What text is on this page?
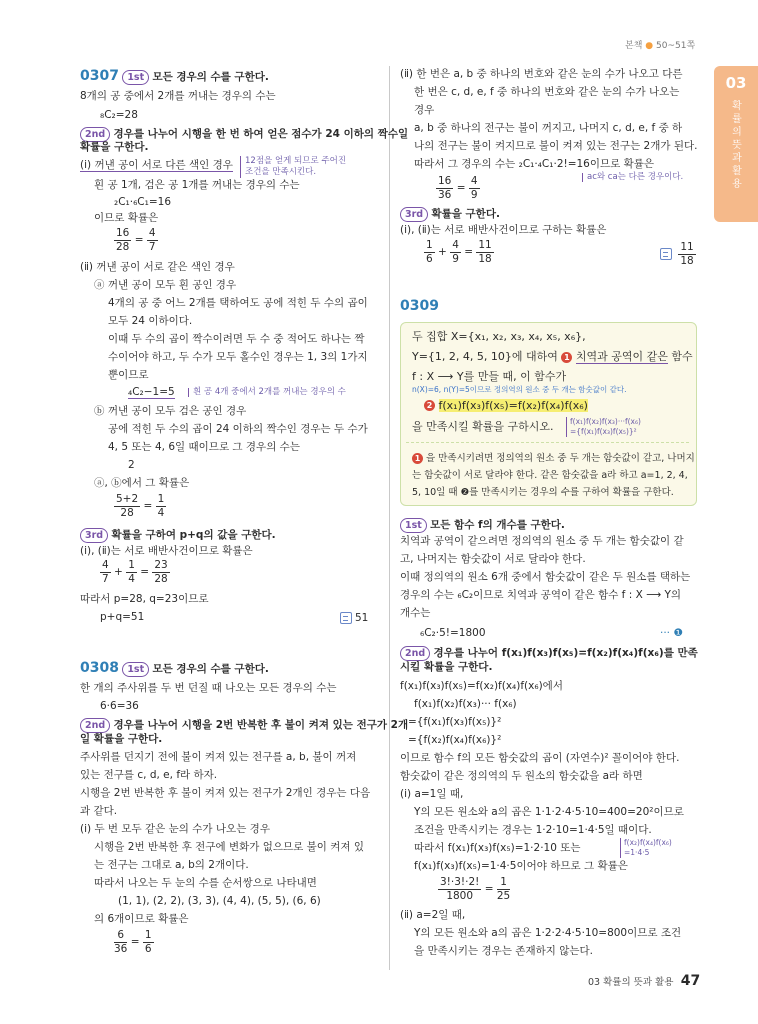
본책 ● 50~51쪽
03
확률의 뜻과 활용
0307 1st 모든 경우의 수를 구한다.
8개의 공 중에서 2개를 꺼내는 경우의 수는
₈C₂=28
2nd 경우를 나누어 시행을 한 번 하여 얻은 점수가 24 이하의 짝수일
확률을 구한다.
(ⅰ) 꺼낸 공이 서로 다른 색인 경우 12점을 얻게 되므로 주어진
조건을 만족시킨다.
흰 공 1개, 검은 공 1개를 꺼내는 경우의 수는
₂C₁·₆C₁=16
이므로 확률은
$\frac{16}{28} = \frac{4}{7}$
(ⅱ) 꺼낸 공이 서로 같은 색인 경우
ⓐ 꺼낸 공이 모두 흰 공인 경우
4개의 공 중 어느 2개를 택하여도 공에 적힌 두 수의 곱이
모두 24 이하이다.
이때 두 수의 곱이 짝수이려면 두 수 중 적어도 하나는 짝
수이어야 하고, 두 수가 모두 홀수인 경우는 1, 3의 1가지
뿐이므로
₄C₂−1=5	흰 공 4개 중에서 2개를 꺼내는 경우의 수
ⓑ 꺼낸 공이 모두 검은 공인 경우
공에 적힌 두 수의 곱이 24 이하의 짝수인 경우는 두 수가
4, 5 또는 4, 6일 때이므로 그 경우의 수는
2
ⓐ, ⓑ에서 그 확률은
$\frac{5+2}{28} = \frac{1}{4}$
3rd 확률을 구하여 p+q의 값을 구한다.
(ⅰ), (ⅱ)는 서로 배반사건이므로 확률은
$\frac{4}{7} + \frac{1}{4} = \frac{23}{28}$
따라서 p=28, q=23이므로
p+q=51	51
0308 1st 모든 경우의 수를 구한다.
한 개의 주사위를 두 번 던질 때 나오는 모든 경우의 수는
6·6=36
2nd 경우를 나누어 시행을 2번 반복한 후 불이 켜져 있는 전구가 2개
일 확률을 구한다.
주사위를 던지기 전에 불이 켜져 있는 전구를 a, b, 불이 꺼져
있는 전구를 c, d, e, f라 하자.
시행을 2번 반복한 후 불이 켜져 있는 전구가 2개인 경우는 다음
과 같다.
(ⅰ) 두 번 모두 같은 눈의 수가 나오는 경우
시행을 2번 반복한 후 전구에 변화가 없으므로 불이 켜져 있
는 전구는 그대로 a, b의 2개이다.
따라서 나오는 두 눈의 수를 순서쌍으로 나타내면
(1, 1), (2, 2), (3, 3), (4, 4), (5, 5), (6, 6)
의 6개이므로 확률은
$\frac{6}{36} = \frac{1}{6}$
(ⅱ) 한 번은 a, b 중 하나의 번호와 같은 눈의 수가 나오고 다른
한 번은 c, d, e, f 중 하나의 번호와 같은 눈의 수가 나오는
경우
a, b 중 하나의 전구는 불이 꺼지고, 나머지 c, d, e, f 중 하
나의 전구는 불이 켜지므로 불이 켜져 있는 전구는 2개가 된다.
따라서 그 경우의 수는 ₂C₁·₄C₁·2!=16이므로 확률은
ac와 ca는 다른 경우이다.
$\frac{16}{36} = \frac{4}{9}$
3rd 확률을 구한다.
(ⅰ), (ⅱ)는 서로 배반사건이므로 구하는 확률은
$\frac{1}{6} + \frac{4}{9} = \frac{11}{18}$
	$\frac{11}{18}$
0309
두 집합 X={x₁, x₂, x₃, x₄, x₅, x₆},
Y={1, 2, 4, 5, 10}에 대하여 1 치역과 공역이 같은 함수
f : X ⟶ Y를 만들 때, 이 함수가
n(X)=6, n(Y)=5이므로 정의역의 원소 중 두 개는 함숫값이 같다.
2 f(x₁)f(x₃)f(x₅)=f(x₂)f(x₄)f(x₆)
을 만족시킬 확률을 구하시오. f(x₁)f(x₂)f(x₃)···f(x₆)
={f(x₁)f(x₃)f(x₅)}²
1 을 만족시키려면 정의역의 원소 중 두 개는 함숫값이 같고, 나머지
는 함숫값이 서로 달라야 한다. 같은 함숫값을 a라 하고 a=1, 2, 4,
5, 10일 때 ❷를 만족시키는 경우의 수를 구하여 확률을 구한다.
1st 모든 함수 f의 개수를 구한다.
치역과 공역이 같으려면 정의역의 원소 중 두 개는 함숫값이 같
고, 나머지는 함숫값이 서로 달라야 한다.
이때 정의역의 원소 6개 중에서 함숫값이 같은 두 원소를 택하는
경우의 수는 ₆C₂이므로 치역과 공역이 같은 함수 f : X ⟶ Y의
개수는
₆C₂·5!=1800	··· ❶
2nd 경우를 나누어 f(x₁)f(x₃)f(x₅)=f(x₂)f(x₄)f(x₆)를 만족
시킬 확률을 구한다.
f(x₁)f(x₃)f(x₅)=f(x₂)f(x₄)f(x₆)에서
f(x₁)f(x₂)f(x₃)··· f(x₆)
={f(x₁)f(x₃)f(x₅)}²
={f(x₂)f(x₄)f(x₆)}²
이므로 함수 f의 모든 함숫값의 곱이 (자연수)² 꼴이어야 한다.
함숫값이 같은 정의역의 두 원소의 함숫값을 a라 하면
(ⅰ) a=1일 때,
Y의 모든 원소와 a의 곱은 1·1·2·4·5·10=400=20²이므로
조건을 만족시키는 경우는 1·2·10=1·4·5일 때이다.
따라서 f(x₁)f(x₃)f(x₅)=1·2·10 또는	f(x₂)f(x₄)f(x₆)
=1·4·5
f(x₁)f(x₃)f(x₅)=1·4·5이어야 하므로 그 확률은
$\frac{3!\cdot 3!\cdot 2!}{1800} = \frac{1}{25}$
(ⅱ) a=2일 때,
Y의 모든 원소와 a의 곱은 1·2·2·4·5·10=800이므로 조건
을 만족시키는 경우는 존재하지 않는다.
03 확률의 뜻과 활용 47
